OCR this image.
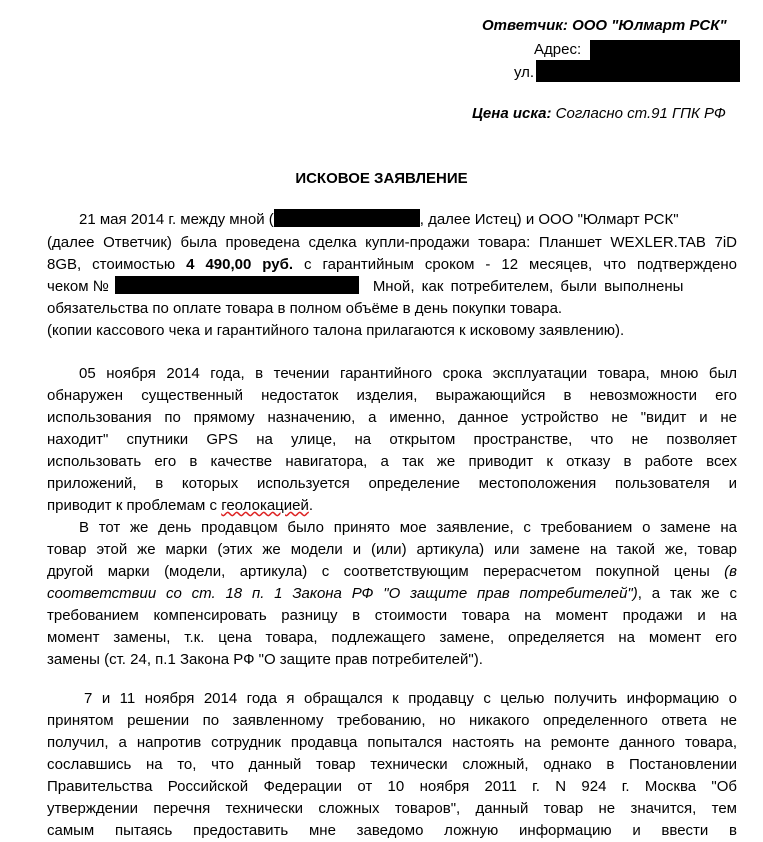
Ответчик: ООО "Юлмарт РСК"
Адрес:
ул.
Цена иска: Согласно ст.91 ГПК РФ
ИСКОВОЕ ЗАЯВЛЕНИЕ
21 мая 2014 г. между мной (	, далее Истец) и ООО "Юлмарт РСК"
(далее Ответчик) была проведена сделка купли-продажи товара: Планшет WEXLER.TAB 7iD
8GB, стоимостью 4 490,00 руб. с гарантийным сроком - 12 месяцев, что подтверждено
чеком №	Мной, как потребителем, были выполнены
обязательства по оплате товара в полном объёме в день покупки товара.
(копии кассового чека и гарантийного талона прилагаются к исковому заявлению).
05 ноября 2014 года, в течении гарантийного срока эксплуатации товара, мною был
обнаружен существенный недостаток изделия, выражающийся в невозможности его
использования по прямому назначению, а именно, данное устройство не "видит и не
находит" спутники GPS на улице, на открытом пространстве, что не позволяет
использовать его в качестве навигатора, а так же приводит к отказу в работе всех
приложений, в которых используется определение местоположения пользователя и
приводит к проблемам с геолокацией.
В тот же день продавцом было принято мое заявление, с требованием о замене на
товар этой же марки (этих же модели и (или) артикула) или замене на такой же, товар
другой марки (модели, артикула) с соответствующим перерасчетом покупной цены (в
соответствии со ст. 18 п. 1 Закона РФ "О защите прав потребителей"), а так же с
требованием компенсировать разницу в стоимости товара на момент продажи и на
момент замены, т.к. цена товара, подлежащего замене, определяется на момент его
замены (ст. 24, п.1 Закона РФ "О защите прав потребителей").
7 и 11 ноября 2014 года я обращался к продавцу с целью получить информацию о
принятом решении по заявленному требованию, но никакого определенного ответа не
получил, а напротив сотрудник продавца попытался настоять на ремонте данного товара,
сославшись на то, что данный товар технически сложный, однако в Постановлении
Правительства Российской Федерации от 10 ноября 2011 г. N 924 г. Москва "Об
утверждении перечня технически сложных товаров", данный товар не значится, тем
самым пытаясь предоставить мне заведомо ложную информацию и ввести в
